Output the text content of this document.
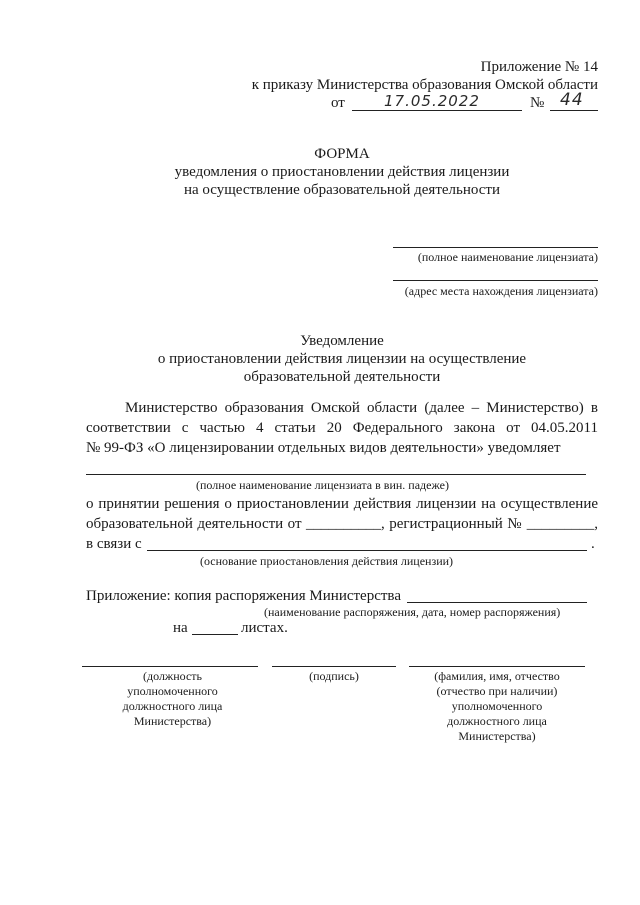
Приложение № 14
к приказу Министерства образования Омской области
от	17.05.2022	№ 44
ФОРМА
уведомления о приостановлении действия лицензии
на осуществление образовательной деятельности
(полное наименование лицензиата)
(адрес места нахождения лицензиата)
Уведомление
о приостановлении действия лицензии на осуществление
образовательной деятельности
Министерство образования Омской области (далее – Министерство) в
соответствии с частью 4 статьи 20 Федерального закона от 04.05.2011
№ 99-ФЗ «О лицензировании отдельных видов деятельности» уведомляет
(полное наименование лицензиата в вин. падеже)
о принятии решения о приостановлении действия лицензии на осуществление
образовательной деятельности от __________, регистрационный № _________,
в связи с	.
(основание приостановления действия лицензии)
Приложение: копия распоряжения Министерства
(наименование распоряжения, дата, номер распоряжения)
на	листах.
(должность
уполномоченного
должностного лица
Министерства)
(подпись)	(фамилия, имя, отчество
(отчество при наличии)
уполномоченного
должностного лица
Министерства)
